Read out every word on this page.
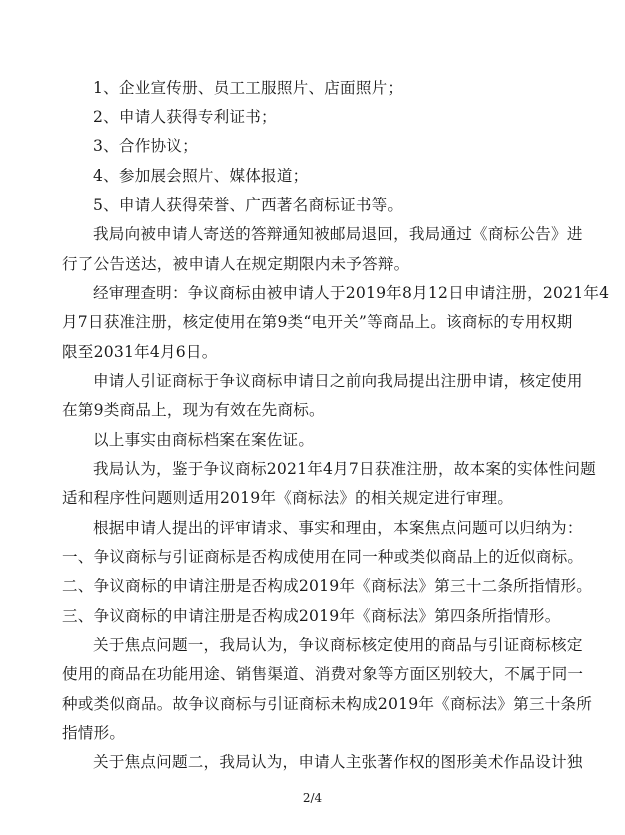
1、企业宣传册、员工工服照片、店面照片；
2、申请人获得专利证书；
3、合作协议；
4、参加展会照片、媒体报道；
5、申请人获得荣誉、广西著名商标证书等。
我局向被申请人寄送的答辩通知被邮局退回，我局通过《商标公告》进
行了公告送达，被申请人在规定期限内未予答辩。
经审理查明：争议商标由被申请人于2019年8月12日申请注册，2021年4
月7日获准注册，核定使用在第9类“电开关”等商品上。该商标的专用权期
限至2031年4月6日。
申请人引证商标于争议商标申请日之前向我局提出注册申请，核定使用
在第9类商品上，现为有效在先商标。
以上事实由商标档案在案佐证。
我局认为，鉴于争议商标2021年4月7日获准注册，故本案的实体性问题
适和程序性问题则适用2019年《商标法》的相关规定进行审理。
根据申请人提出的评审请求、事实和理由，本案焦点问题可以归纳为：
一、争议商标与引证商标是否构成使用在同一种或类似商品上的近似商标。
二、争议商标的申请注册是否构成2019年《商标法》第三十二条所指情形。
三、争议商标的申请注册是否构成2019年《商标法》第四条所指情形。
关于焦点问题一，我局认为，争议商标核定使用的商品与引证商标核定
使用的商品在功能用途、销售渠道、消费对象等方面区别较大，不属于同一
种或类似商品。故争议商标与引证商标未构成2019年《商标法》第三十条所
指情形。
关于焦点问题二，我局认为，申请人主张著作权的图形美术作品设计独
2/4
